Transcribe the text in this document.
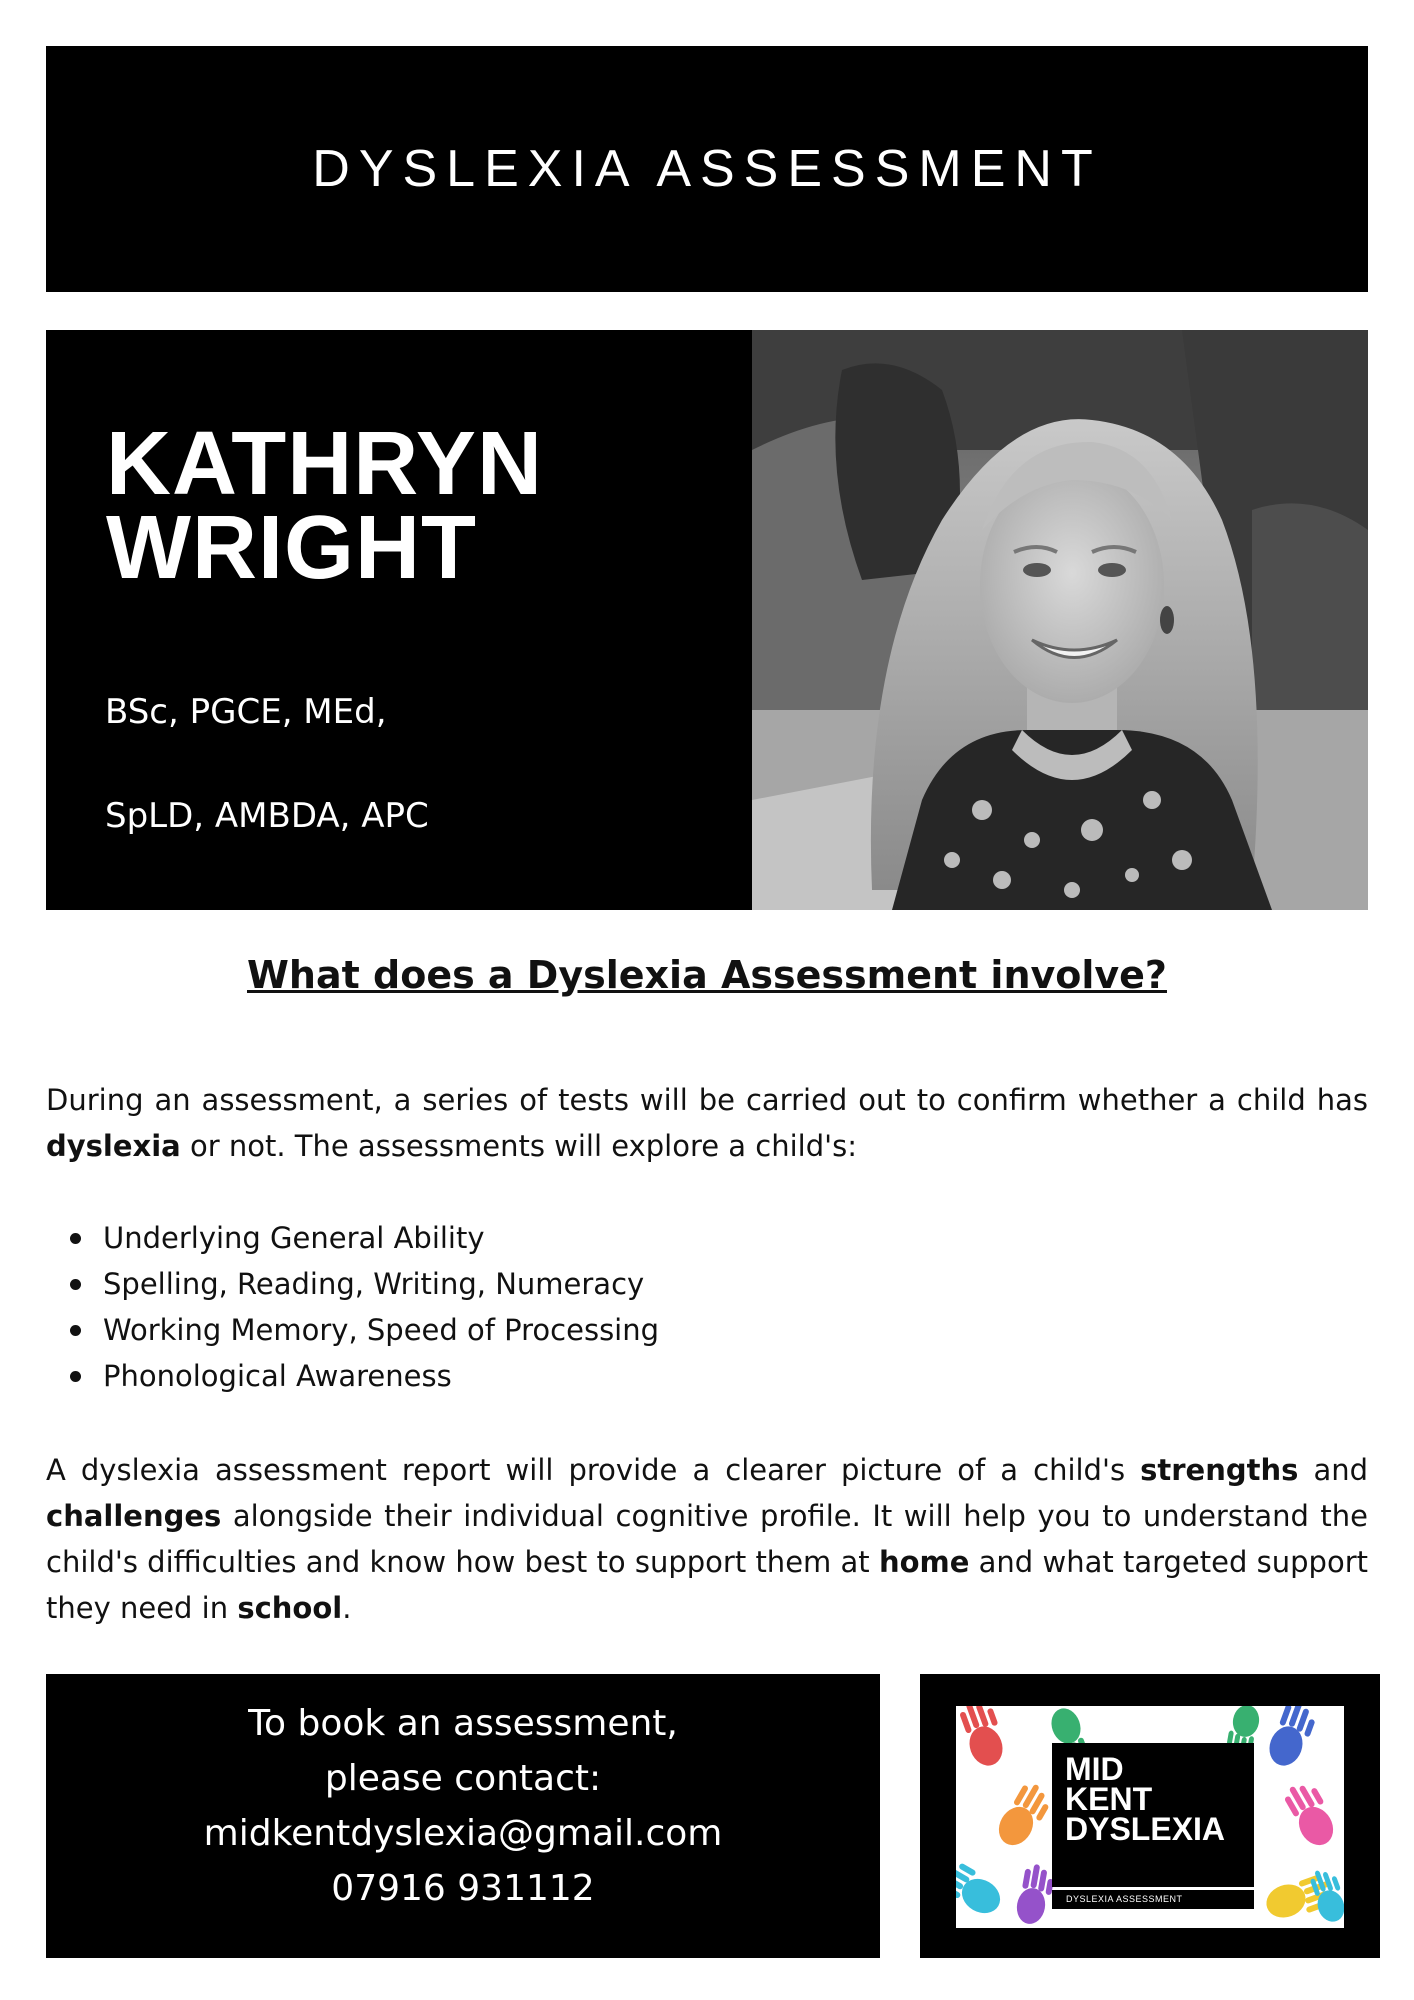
DYSLEXIA ASSESSMENT
KATHRYN
WRIGHT
BSc, PGCE, MEd,
SpLD, AMBDA, APC
What does a Dyslexia Assessment involve?
During an assessment, a series of tests will be carried out to confirm whether a child has dyslexia or not. The assessments will explore a child's:
Underlying General Ability
Spelling, Reading, Writing, Numeracy
Working Memory, Speed of Processing
Phonological Awareness
A dyslexia assessment report will provide a clearer picture of a child's strengths and challenges alongside their individual cognitive profile. It will help you to understand the child's difficulties and know how best to support them at home and what targeted support they need in school.
To book an assessment,
please contact:
midkentdyslexia@gmail.com
07916 931112
MID
KENT
DYSLEXIA
DYSLEXIA ASSESSMENT
